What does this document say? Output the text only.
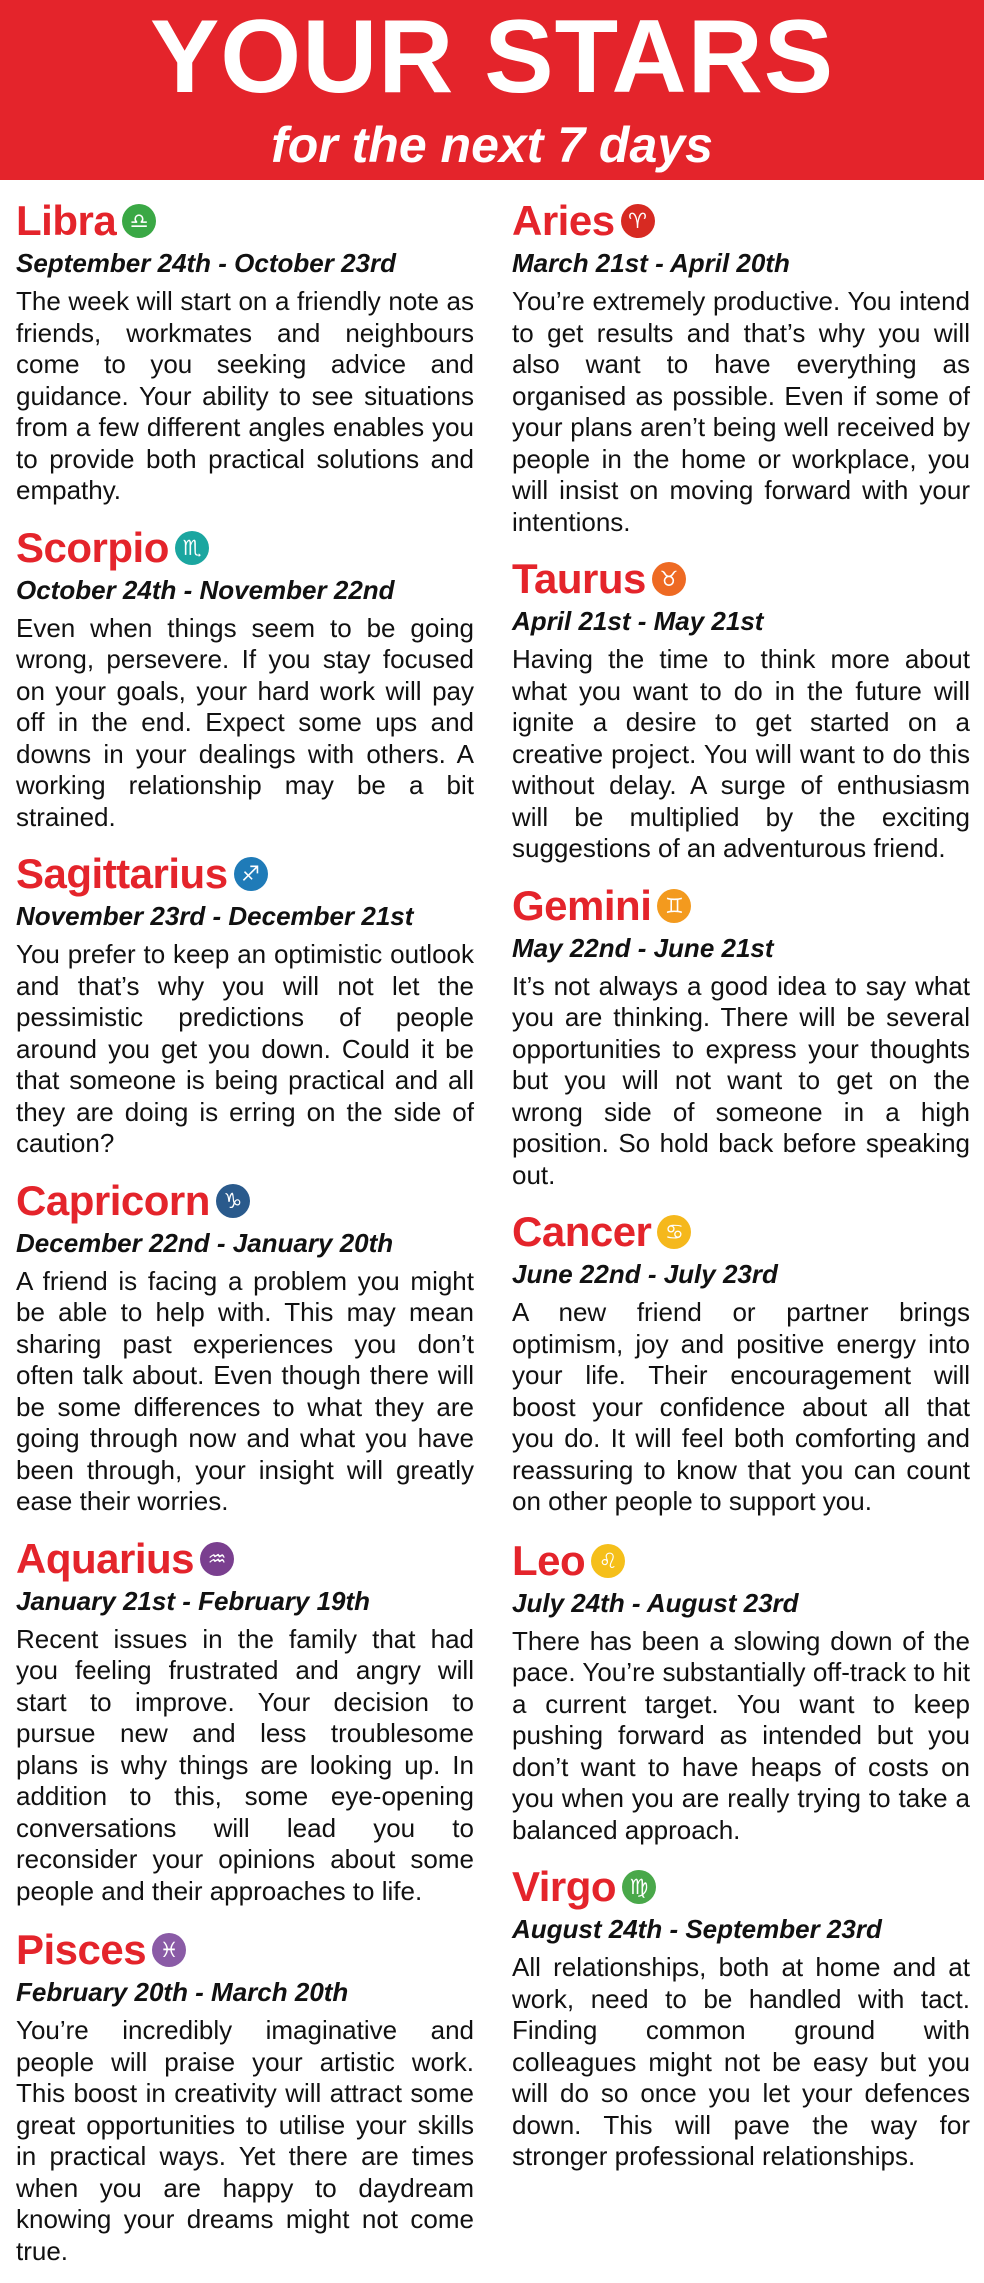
YOUR STARS
for the next 7 days
Libra ♎
September 24th - October 23rd
The week will start on a friendly note as friends, workmates and neighbours come to you seeking advice and guidance. Your ability to see situations from a few different angles enables you to provide both practical solutions and empathy.
Scorpio ♏
October 24th - November 22nd
Even when things seem to be going wrong, persevere. If you stay focused on your goals, your hard work will pay off in the end. Expect some ups and downs in your dealings with others. A working relationship may be a bit strained.
Sagittarius ♐
November 23rd - December 21st
You prefer to keep an optimistic outlook and that’s why you will not let the pessimistic predictions of people around you get you down. Could it be that someone is being practical and all they are doing is erring on the side of caution?
Capricorn ♑
December 22nd - January 20th
A friend is facing a problem you might be able to help with. This may mean sharing past experiences you don’t often talk about. Even though there will be some differences to what they are going through now and what you have been through, your insight will greatly ease their worries.
Aquarius ♒
January 21st - February 19th
Recent issues in the family that had you feeling frustrated and angry will start to improve. Your decision to pursue new and less troublesome plans is why things are looking up. In addition to this, some eye-opening conversations will lead you to reconsider your opinions about some people and their approaches to life.
Pisces ♓
February 20th - March 20th
You’re incredibly imaginative and people will praise your artistic work. This boost in creativity will attract some great opportunities to utilise your skills in practical ways. Yet there are times when you are happy to daydream knowing your dreams might not come true.
Aries ♈
March 21st - April 20th
You’re extremely productive. You intend to get results and that’s why you will also want to have everything as organised as possible. Even if some of your plans aren’t being well received by people in the home or workplace, you will insist on moving forward with your intentions.
Taurus ♉
April 21st - May 21st
Having the time to think more about what you want to do in the future will ignite a desire to get started on a creative project. You will want to do this without delay. A surge of enthusiasm will be multiplied by the exciting suggestions of an adventurous friend.
Gemini ♊
May 22nd - June 21st
It’s not always a good idea to say what you are thinking. There will be several opportunities to express your thoughts but you will not want to get on the wrong side of someone in a high position. So hold back before speaking out.
Cancer ♋
June 22nd - July 23rd
A new friend or partner brings optimism, joy and positive energy into your life. Their encouragement will boost your confidence about all that you do. It will feel both comforting and reassuring to know that you can count on other people to support you.
Leo ♌
July 24th - August 23rd
There has been a slowing down of the pace. You’re substantially off-track to hit a current target. You want to keep pushing forward as intended but you don’t want to have heaps of costs on you when you are really trying to take a balanced approach.
Virgo ♍
August 24th - September 23rd
All relationships, both at home and at work, need to be handled with tact. Finding common ground with colleagues might not be easy but you will do so once you let your defences down. This will pave the way for stronger professional relationships.
